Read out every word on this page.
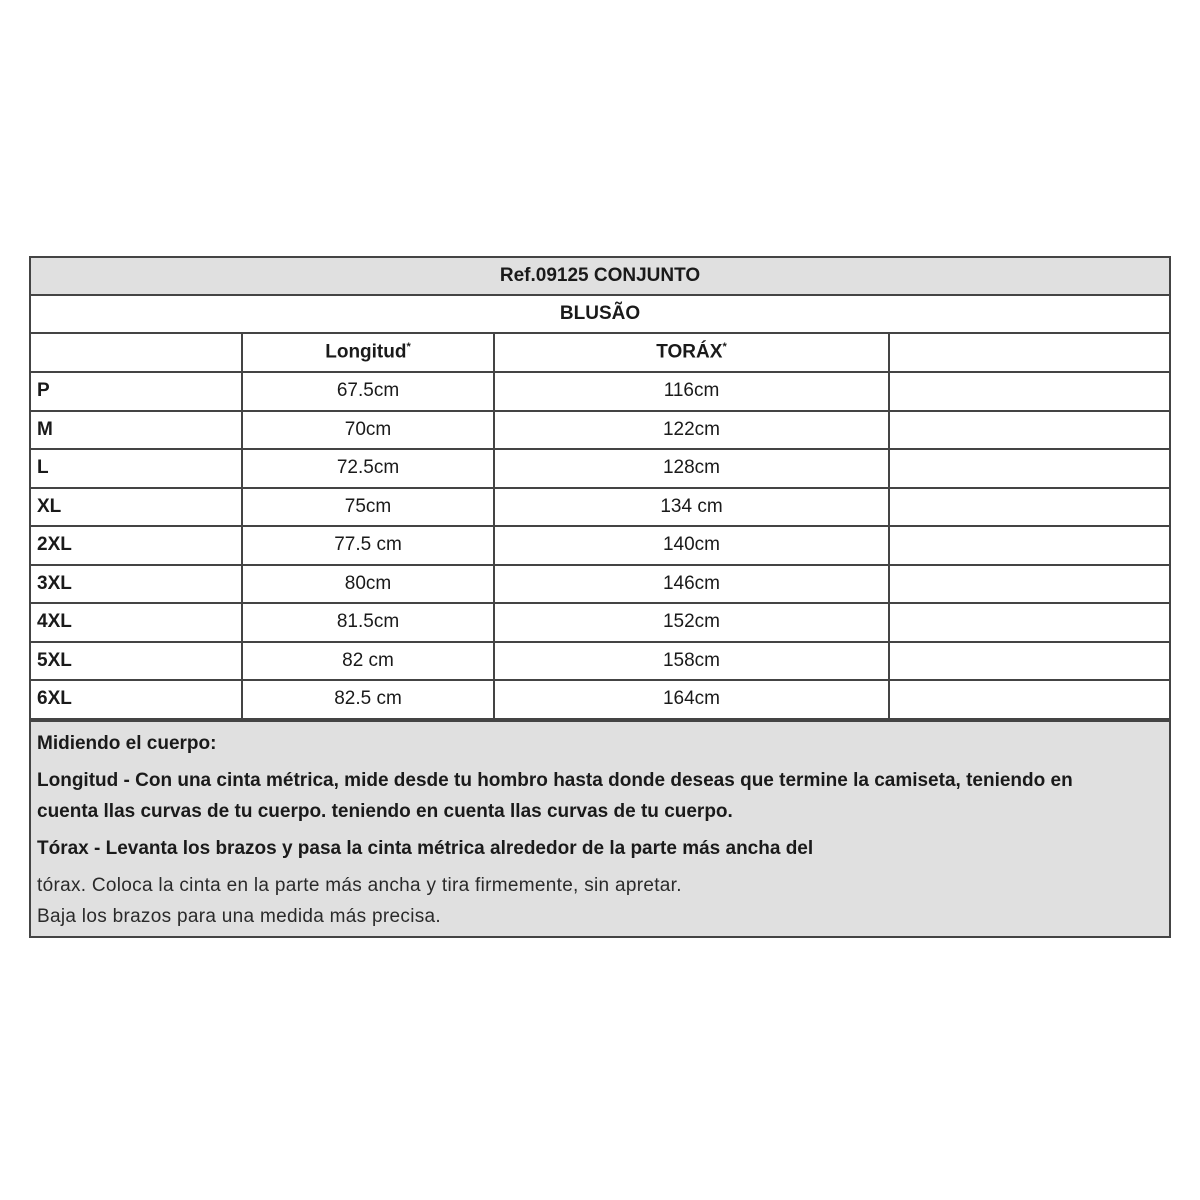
Ref.09125 CONJUNTO			
BLUSÃO			
	Longitud*	TORÁX*	
P	67.5cm	116cm	
M	70cm	122cm	
L	72.5cm	128cm	
XL	75cm	134 cm	
2XL	77.5 cm	140cm	
3XL	80cm	146cm	
4XL	81.5cm	152cm	
5XL	82 cm	158cm	
6XL	82.5 cm	164cm	

Midiendo el cuerpo:

Longitud - Con una cinta métrica, mide desde tu hombro hasta donde deseas que termine la camiseta, teniendo en

cuenta llas curvas de tu cuerpo. teniendo en cuenta llas curvas de tu cuerpo.

Tórax - Levanta los brazos y pasa la cinta métrica alrededor de la parte más ancha del

tórax. Coloca la cinta en la parte más ancha y tira firmemente, sin apretar.

Baja los brazos para una medida más precisa.
